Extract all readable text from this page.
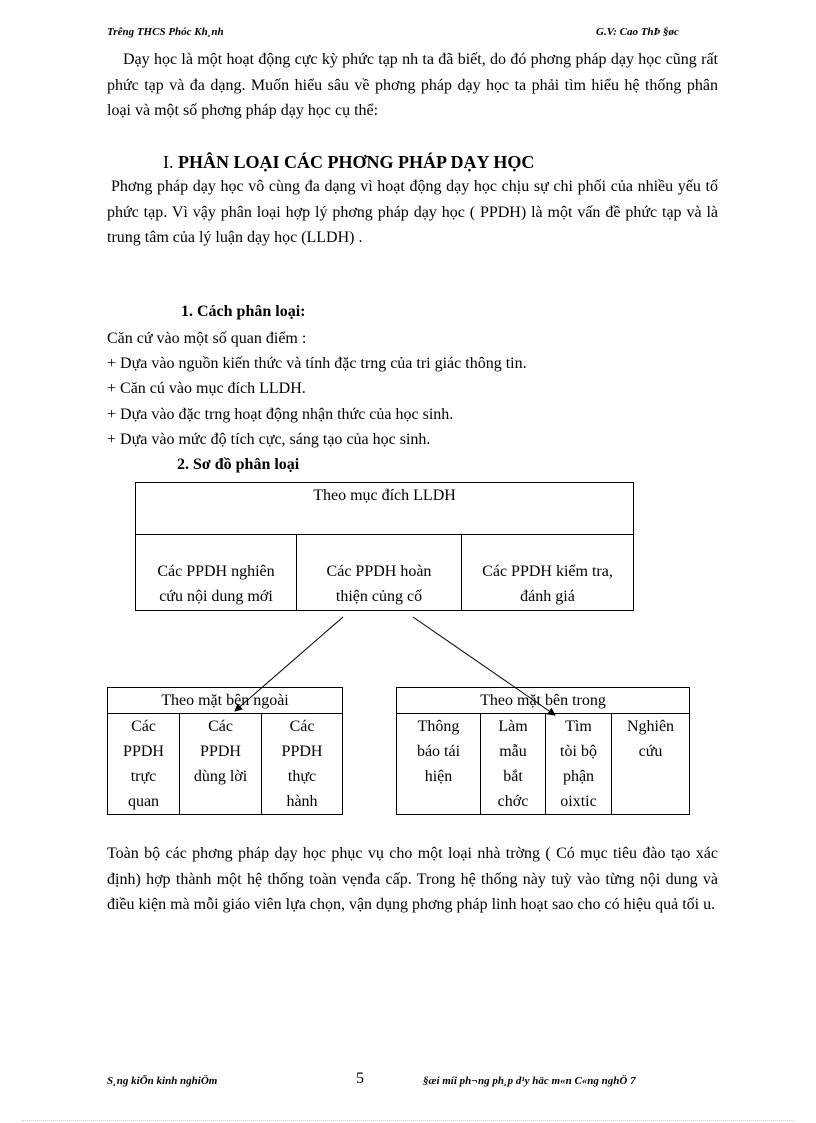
Trêng THCS Phóc Kh¸nh	G.V: Cao ThÞ §øc
Dạy học là một hoạt động cực kỳ phức tạp nh ta đã biết, do đó phơng pháp dạy học cũng rất phức tạp và đa dạng. Muốn hiểu sâu về phơng pháp dạy học ta phải tìm hiểu hệ thống phân loại và một số phơng pháp dạy học cụ thể:
I. PHÂN LOẠI CÁC PHƠNG PHÁP DẠY HỌC
Phơng pháp dạy học vô cùng đa dạng vì hoạt động dạy học chịu sự chi phối của nhiều yếu tố phức tạp. Vì vậy phân loại hợp lý phơng pháp dạy học ( PPDH) là một vấn đề phức tạp và là trung tâm của lý luận dạy học (LLDH) .
1. Cách phân loại:
Căn cứ vào một số quan điểm :
+ Dựa vào nguồn kiến thức và tính đặc trng của tri giác thông tin.
+ Căn cú vào mục đích LLDH.
+ Dựa vào đặc trng hoạt động nhận thức của học sinh.
+ Dựa vào mức độ tích cực, sáng tạo của học sinh.
2. Sơ đồ phân loại
Theo mục đích LLDH

Các PPDH nghiên
cứu nội dung mới

Các PPDH hoàn
thiện củng cố

Các PPDH kiểm tra,
đánh giá
Theo mặt bên ngoài

Các
PPDH
trực
quan

Các
PPDH
dùng lời

Các
PPDH
thực
hành
Theo mặt bên trong

Thông
báo tái
hiện

Làm
mẫu
bắt
chớc

Tìm
tòi bộ
phận
oixtic

Nghiên
cứu
Toàn bộ các phơng pháp dạy học phục vụ cho một loại nhà trờng ( Có mục tiêu đào tạo xác định) hợp thành một hệ thống toàn vẹnđa cấp. Trong hệ thống này tuỳ vào từng nội dung và điều kiện mà mỗi giáo viên lựa chọn, vận dụng phơng pháp linh hoạt sao cho có hiệu quả tối u.
S¸ng kiÕn kinh nghiÖm	5	§æi míi ph¬ng ph¸p d¹y häc m«n C«ng nghÖ 7
